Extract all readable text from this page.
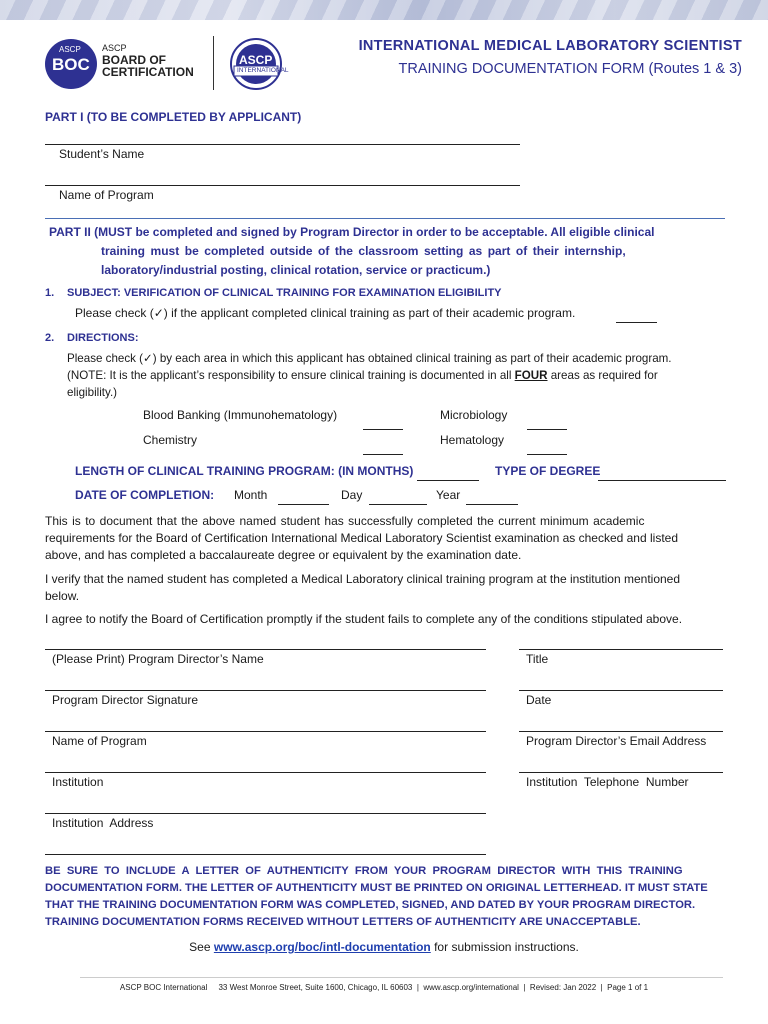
ASCP
BOC
ASCP
BOARD OF
CERTIFICATION
ASCP
INTERNATIONAL
INTERNATIONAL MEDICAL LABORATORY SCIENTIST
TRAINING DOCUMENTATION FORM (Routes 1 & 3)
PART I (TO BE COMPLETED BY APPLICANT)
Student’s Name
Name of Program
PART II (MUST be completed and signed by Program Director in order to be acceptable. All eligible clinical
training must be completed outside of the classroom setting as part of their internship,
laboratory/industrial posting, clinical rotation, service or practicum.)
1. SUBJECT: VERIFICATION OF CLINICAL TRAINING FOR EXAMINATION ELIGIBILITY
Please check (✓) if the applicant completed clinical training as part of their academic program.
2. DIRECTIONS:
Please check (✓) by each area in which this applicant has obtained clinical training as part of their academic program.
(NOTE: It is the applicant’s responsibility to ensure clinical training is documented in all FOUR areas as required for
eligibility.)
Blood Banking (Immunohematology)	Microbiology
Chemistry	Hematology
LENGTH OF CLINICAL TRAINING PROGRAM: (IN MONTHS)	TYPE OF DEGREE
DATE OF COMPLETION: Month	Day	Year
This is to document that the above named student has successfully completed the current minimum academic
requirements for the Board of Certification International Medical Laboratory Scientist examination as checked and listed
above, and has completed a baccalaureate degree or equivalent by the examination date.
I verify that the named student has completed a Medical Laboratory clinical training program at the institution mentioned
below.
I agree to notify the Board of Certification promptly if the student fails to complete any of the conditions stipulated above.
(Please Print) Program Director’s Name	Title
Program Director Signature	Date
Name of Program	Program Director’s Email Address
Institution	Institution  Telephone  Number
Institution  Address
BE SURE TO INCLUDE A LETTER OF AUTHENTICITY FROM YOUR PROGRAM DIRECTOR WITH THIS TRAINING
DOCUMENTATION FORM. THE LETTER OF AUTHENTICITY MUST BE PRINTED ON ORIGINAL LETTERHEAD. IT MUST STATE
THAT THE TRAINING DOCUMENTATION FORM WAS COMPLETED, SIGNED, AND DATED BY YOUR PROGRAM DIRECTOR.
TRAINING DOCUMENTATION FORMS RECEIVED WITHOUT LETTERS OF AUTHENTICITY ARE UNACCEPTABLE.
See www.ascp.org/boc/intl-documentation for submission instructions.
ASCP BOC International     33 West Monroe Street, Suite 1600, Chicago, IL 60603  |  www.ascp.org/international  |  Revised: Jan 2022  |  Page 1 of 1
